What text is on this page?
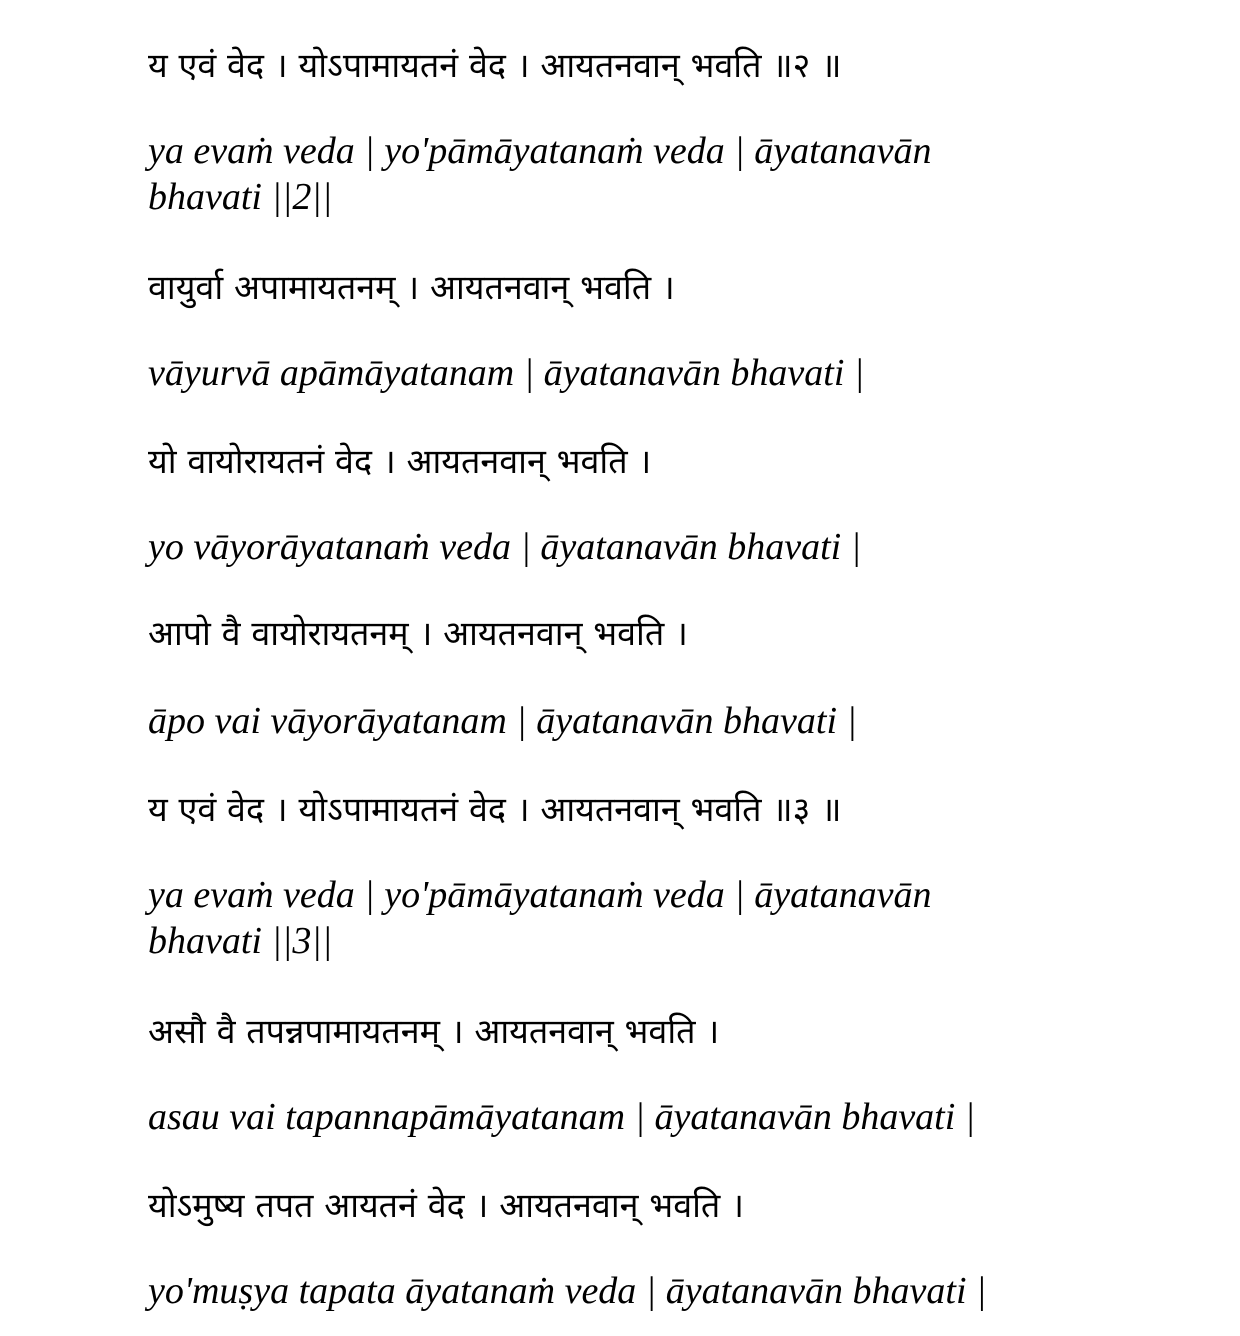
य एवं वेद । योऽपामायतनं वेद । आयतनवान् भवति ॥२ ॥
ya evaṁ veda | yo'pāmāyatanaṁ veda | āyatanavān bhavati ||2||
वायुर्वा अपामायतनम् । आयतनवान् भवति ।
vāyurvā apāmāyatanam | āyatanavān bhavati |
यो वायोरायतनं वेद । आयतनवान् भवति ।
yo vāyorāyatanaṁ veda | āyatanavān bhavati |
आपो वै वायोरायतनम् । आयतनवान् भवति ।
āpo vai vāyorāyatanam | āyatanavān bhavati |
य एवं वेद । योऽपामायतनं वेद । आयतनवान् भवति ॥३ ॥
ya evaṁ veda | yo'pāmāyatanaṁ veda | āyatanavān bhavati ||3||
असौ वै तपन्नपामायतनम् । आयतनवान् भवति ।
asau vai tapannapāmāyatanam | āyatanavān bhavati |
योऽमुष्य तपत आयतनं वेद । आयतनवान् भवति ।
yo'muṣya tapata āyatanaṁ veda | āyatanavān bhavati |
